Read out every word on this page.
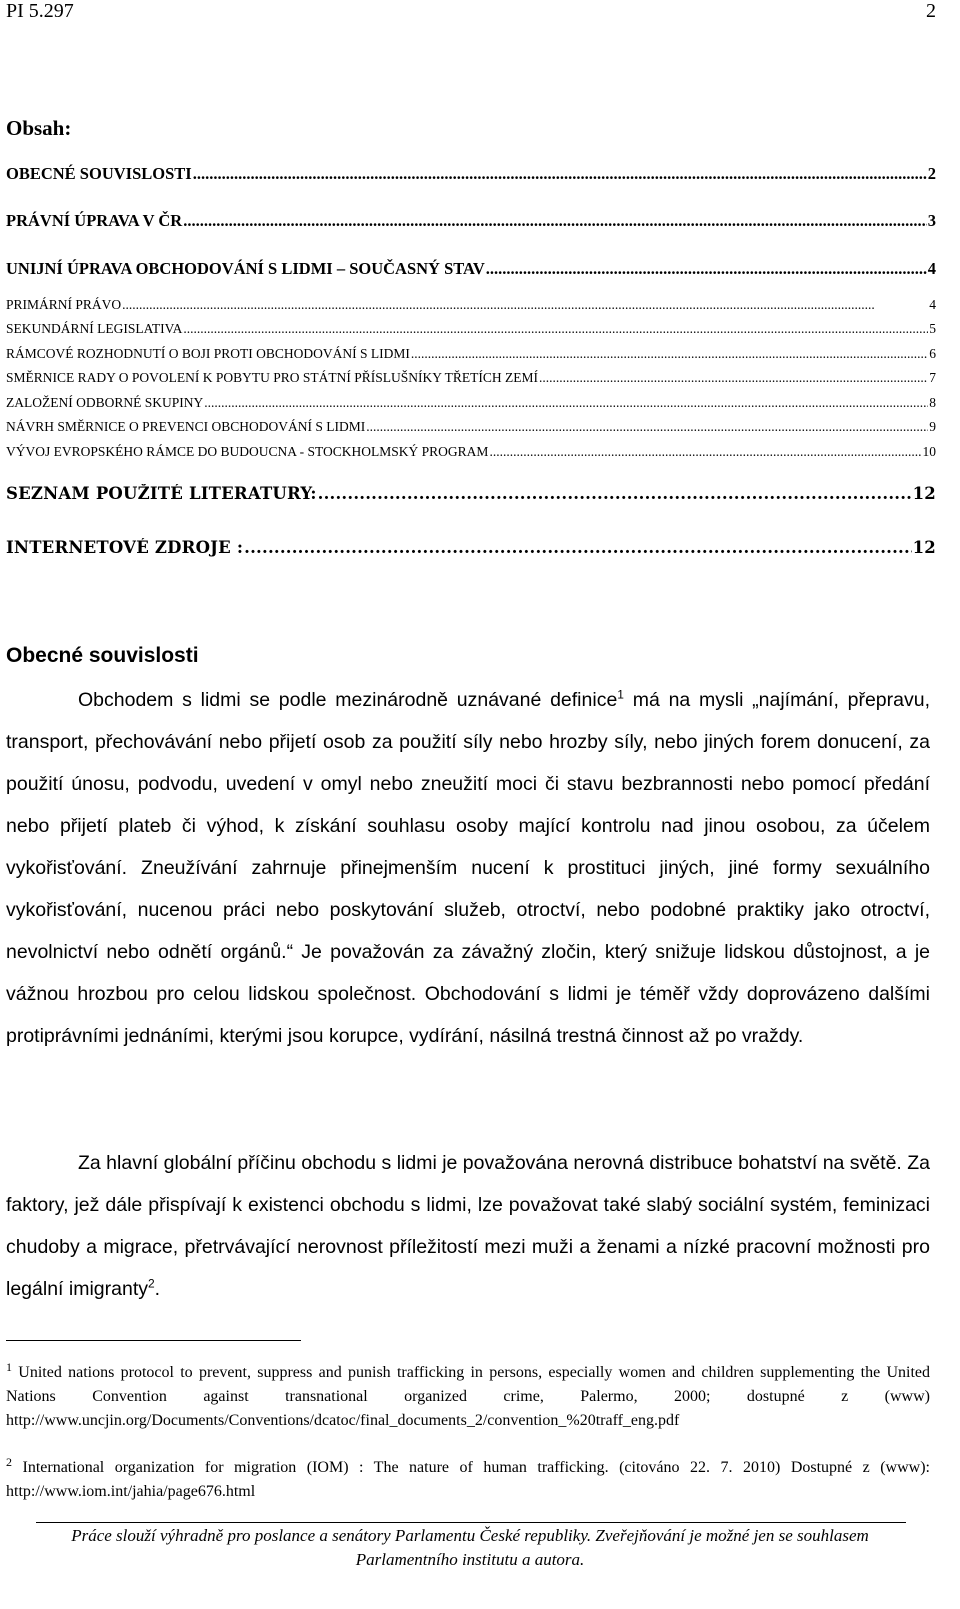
PI 5.297	2
Obsah:
OBECNÉ SOUVISLOSTI .....	2
PRÁVNÍ ÚPRAVA V ČR .....	3
UNIJNÍ ÚPRAVA OBCHODOVÁNÍ S LIDMI – SOUČASNÝ STAV .....	4
PRIMÁRNÍ PRÁVO .....	4
SEKUNDÁRNÍ LEGISLATIVA .....	5
RÁMCOVÉ ROZHODNUTÍ O BOJI PROTI OBCHODOVÁNÍ S LIDMI .....	6
SMĚRNICE RADY O POVOLENÍ K POBYTU PRO STÁTNÍ PŘÍSLUŠNÍKY TŘETÍCH ZEMÍ .....	7
ZALOŽENÍ ODBORNÉ SKUPINY .....	8
NÁVRH SMĚRNICE O PREVENCI OBCHODOVÁNÍ S LIDMI .....	9
VÝVOJ EVROPSKÉHO RÁMCE DO BUDOUCNA - STOCKHOLMSKÝ PROGRAM .....	10
SEZNAM POUŽITÉ LITERATURY: .....	12
INTERNETOVÉ ZDROJE : .....	12
Obecné souvislosti
Obchodem s lidmi se podle mezinárodně uznávané definice$^1$ má na mysli „najímání, přepravu, transport, přechovávání nebo přijetí osob za použití síly nebo hrozby síly, nebo jiných forem donucení, za použití únosu, podvodu, uvedení v omyl nebo zneužití moci či stavu bezbrannosti nebo pomocí předání nebo přijetí plateb či výhod, k získání souhlasu osoby mající kontrolu nad jinou osobou, za účelem vykořisťování. Zneužívání zahrnuje přinejmenším nucení k prostituci jiných, jiné formy sexuálního vykořisťování, nucenou práci nebo poskytování služeb, otroctví, nebo podobné praktiky jako otroctví, nevolnictví nebo odnětí orgánů.“ Je považován za závažný zločin, který snižuje lidskou důstojnost, a je vážnou hrozbou pro celou lidskou společnost. Obchodování s lidmi je téměř vždy doprovázeno dalšími protiprávními jednáními, kterými jsou korupce, vydírání, násilná trestná činnost až po vraždy.
Za hlavní globální příčinu obchodu s lidmi je považována nerovná distribuce bohatství na světě. Za faktory, jež dále přispívají k existenci obchodu s lidmi, lze považovat také slabý sociální systém, feminizaci chudoby a migrace, přetrvávající nerovnost příležitostí mezi muži a ženami a nízké pracovní možnosti pro legální imigranty$^2$.
$^1$ United nations protocol to prevent, suppress and punish trafficking in persons, especially women and children supplementing the United Nations Convention against transnational organized crime, Palermo, 2000; dostupné z (www) http://www.uncjin.org/Documents/Conventions/dcatoc/final_documents_2/convention_%20traff_eng.pdf
$^2$ International organization for migration (IOM) : The nature of human trafficking. (citováno 22. 7. 2010) Dostupné z (www): http://www.iom.int/jahia/page676.html
Práce slouží výhradně pro poslance a senátory Parlamentu České republiky. Zveřejňování je možné jen se souhlasem Parlamentního institutu a autora.
